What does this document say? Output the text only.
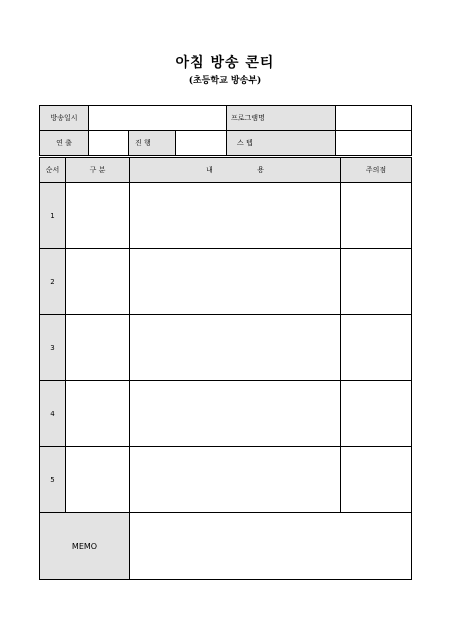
아침 방송 콘티
(초등학교 방송부)
방송일시				프로그램명	
연 출		진 행		스 텝	
순서	구 분	내                    용	주의점
1			
2			
3			
4			
5			
MEMO			
